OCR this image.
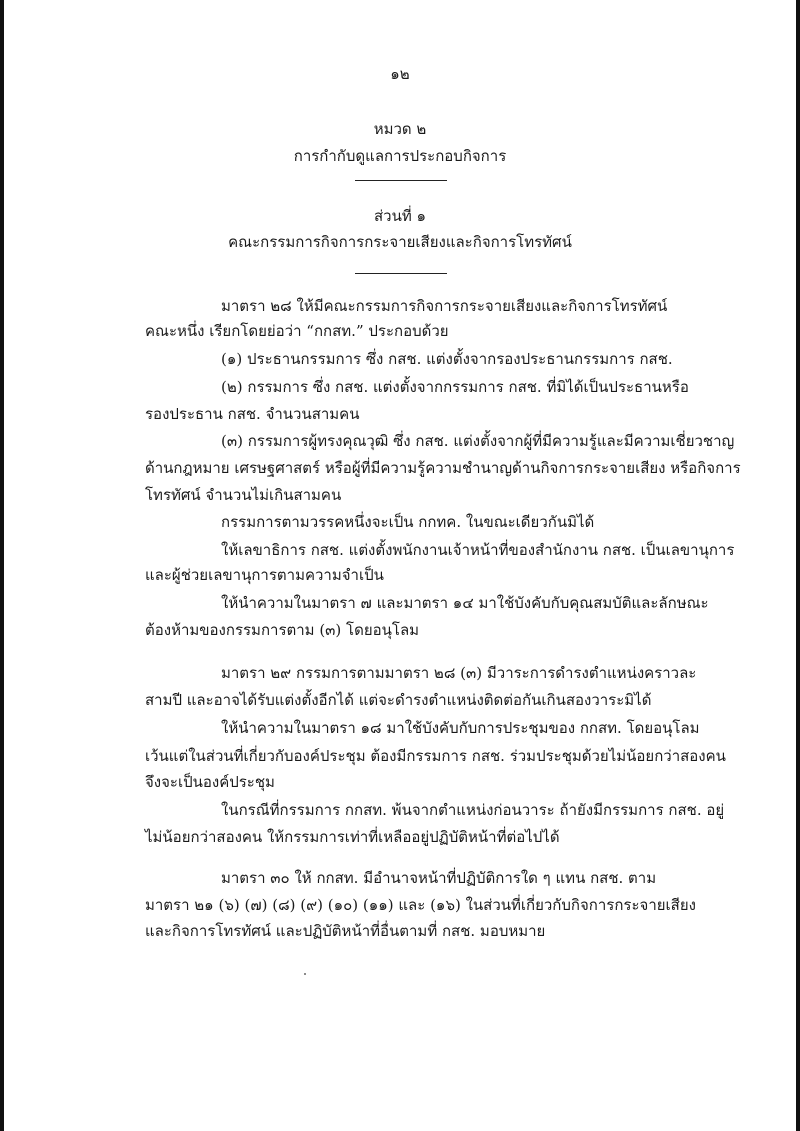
๑๒
หมวด ๒
การกำกับดูแลการประกอบกิจการ
ส่วนที่ ๑
คณะกรรมการกิจการกระจายเสียงและกิจการโทรทัศน์
มาตรา ๒๘ ให้มีคณะกรรมการกิจการกระจายเสียงและกิจการโทรทัศน์
คณะหนึ่ง เรียกโดยย่อว่า “กกสท.” ประกอบด้วย
(๑) ประธานกรรมการ ซึ่ง กสช. แต่งตั้งจากรองประธานกรรมการ กสช.
(๒) กรรมการ ซึ่ง กสช. แต่งตั้งจากกรรมการ กสช. ที่มิได้เป็นประธานหรือ
รองประธาน กสช. จำนวนสามคน
(๓) กรรมการผู้ทรงคุณวุฒิ ซึ่ง กสช. แต่งตั้งจากผู้ที่มีความรู้และมีความเชี่ยวชาญ
ด้านกฎหมาย เศรษฐศาสตร์ หรือผู้ที่มีความรู้ความชำนาญด้านกิจการกระจายเสียง หรือกิจการ
โทรทัศน์ จำนวนไม่เกินสามคน
กรรมการตามวรรคหนึ่งจะเป็น กกทค. ในขณะเดียวกันมิได้
ให้เลขาธิการ กสช. แต่งตั้งพนักงานเจ้าหน้าที่ของสำนักงาน กสช. เป็นเลขานุการ
และผู้ช่วยเลขานุการตามความจำเป็น
ให้นำความในมาตรา ๗ และมาตรา ๑๔ มาใช้บังคับกับคุณสมบัติและลักษณะ
ต้องห้ามของกรรมการตาม (๓) โดยอนุโลม
มาตรา ๒๙ กรรมการตามมาตรา ๒๘ (๓) มีวาระการดำรงตำแหน่งคราวละ
สามปี และอาจได้รับแต่งตั้งอีกได้ แต่จะดำรงตำแหน่งติดต่อกันเกินสองวาระมิได้
ให้นำความในมาตรา ๑๘ มาใช้บังคับกับการประชุมของ กกสท. โดยอนุโลม
เว้นแต่ในส่วนที่เกี่ยวกับองค์ประชุม ต้องมีกรรมการ กสช. ร่วมประชุมด้วยไม่น้อยกว่าสองคน
จึงจะเป็นองค์ประชุม
ในกรณีที่กรรมการ กกสท. พ้นจากตำแหน่งก่อนวาระ ถ้ายังมีกรรมการ กสช. อยู่
ไม่น้อยกว่าสองคน ให้กรรมการเท่าที่เหลืออยู่ปฏิบัติหน้าที่ต่อไปได้
มาตรา ๓๐ ให้ กกสท. มีอำนาจหน้าที่ปฏิบัติการใด ๆ แทน กสช. ตาม
มาตรา ๒๑ (๖) (๗) (๘) (๙) (๑๐) (๑๑) และ (๑๖) ในส่วนที่เกี่ยวกับกิจการกระจายเสียง
และกิจการโทรทัศน์ และปฏิบัติหน้าที่อื่นตามที่ กสช. มอบหมาย
